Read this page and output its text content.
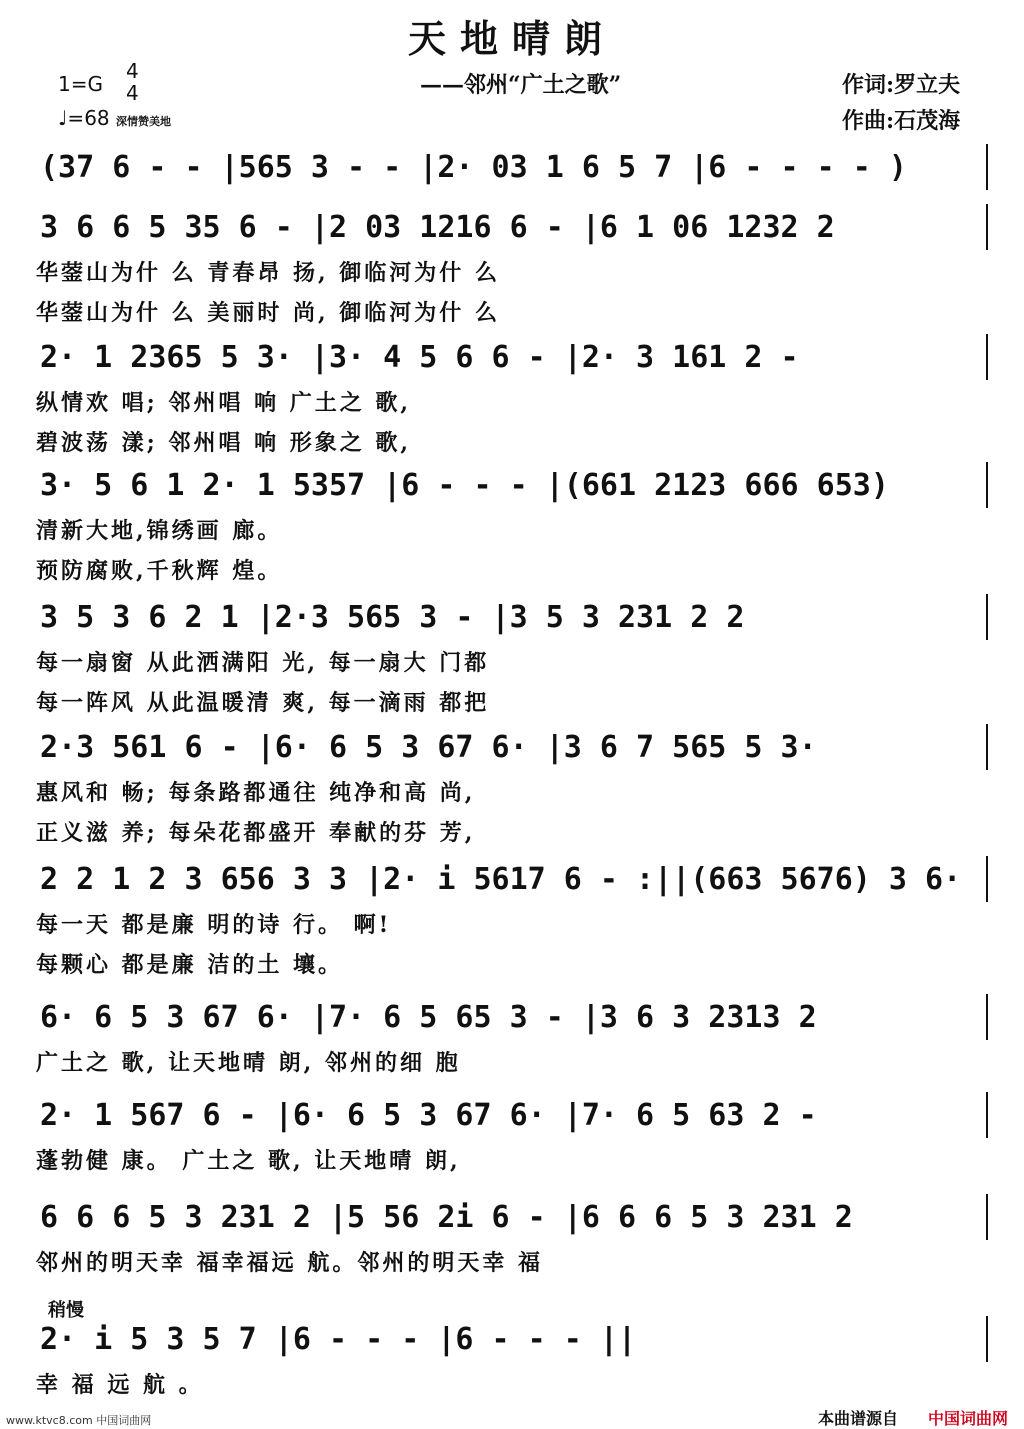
天地晴朗
1=G
4
4
♩=68 深情赞美地
——邻州“广土之歌”	作词:罗立夫
作曲:石茂海
(37 6 - - |565 3 - - |2· 03 1 6 5 7 |6 - - - - )
3 6 6 5 35 6 - |2 03 1216 6 - |6 1 06 1232 2
华蓥山为什 么 青春昂 扬, 御临河为什 么
华蓥山为什 么 美丽时 尚, 御临河为什 么
2· 1 2365 5 3· |3· 4 5 6 6 - |2· 3 161 2 -
纵情欢 唱; 邻州唱 响 广土之 歌,
碧波荡 漾; 邻州唱 响 形象之 歌,
3· 5 6 1 2· 1 5357 |6 - - - |(661 2123 666 653)
清新大地,锦绣画 廊。
预防腐败,千秋辉 煌。
3 5 3 6 2 1 |2·3 565 3 - |3 5 3 231 2 2
每一扇窗 从此洒满阳 光, 每一扇大 门都
每一阵风 从此温暖清 爽, 每一滴雨 都把
2·3 561 6 - |6· 6 5 3 67 6· |3 6 7 565 5 3·
惠风和 畅; 每条路都通往 纯净和高 尚,
正义滋 养; 每朵花都盛开 奉献的芬 芳,
2 2 1 2 3 656 3 3 |2· i 5617 6 - :||(663 5676) 3 6·
每一天 都是廉 明的诗 行。 啊!
每颗心 都是廉 洁的土 壤。
6· 6 5 3 67 6· |7· 6 5 65 3 - |3 6 3 2313 2
广土之 歌, 让天地晴 朗, 邻州的细 胞
2· 1 567 6 - |6· 6 5 3 67 6· |7· 6 5 63 2 -
蓬勃健 康。 广土之 歌, 让天地晴 朗,
6 6 6 5 3 231 2 |5 56 2i 6 - |6 6 6 5 3 231 2
邻州的明天幸 福幸福远 航。邻州的明天幸 福
2· i 5 3 5 7 |6 - - - |6 - - - ||
幸 福 远 航 。
稍慢
www.ktvc8.com 中国词曲网	本曲谱源自 中国词曲网
